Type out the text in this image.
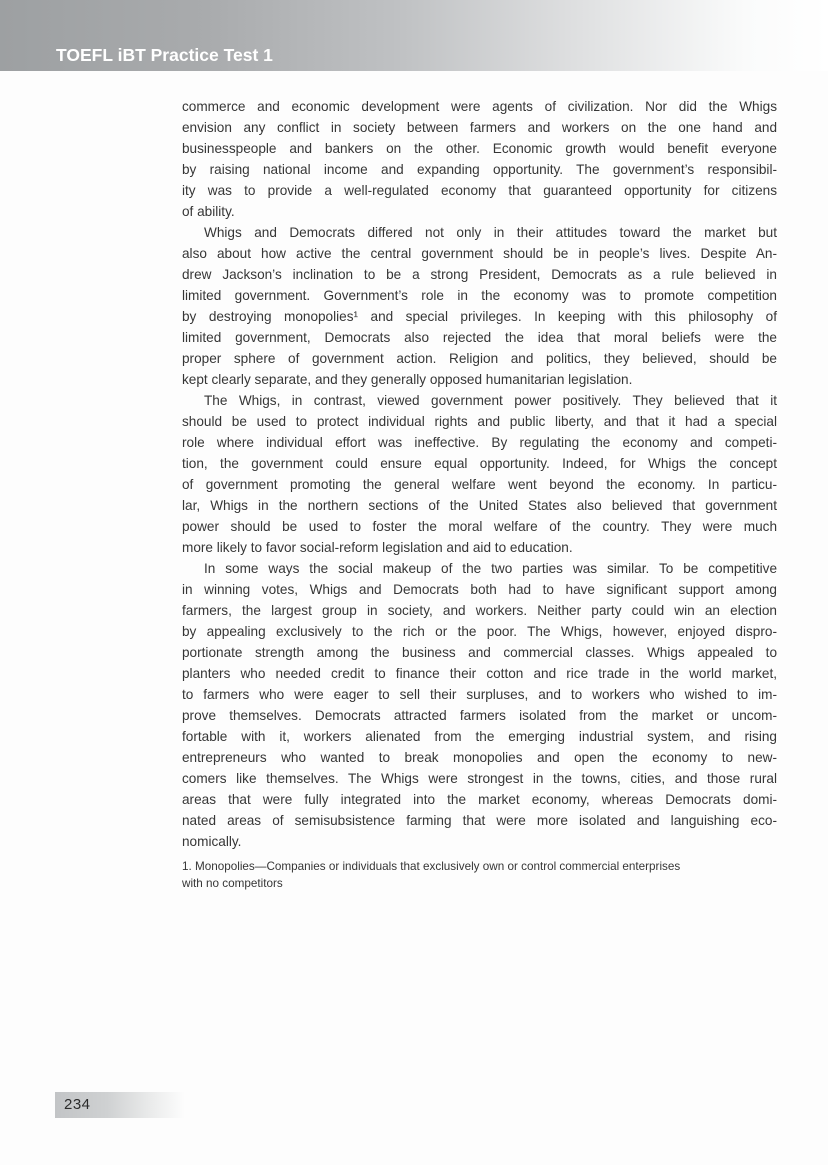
TOEFL iBT Practice Test 1
commerce and economic development were agents of civilization. Nor did the Whigs
envision any conflict in society between farmers and workers on the one hand and
businesspeople and bankers on the other. Economic growth would benefit everyone
by raising national income and expanding opportunity. The government’s responsibil-
ity was to provide a well-regulated economy that guaranteed opportunity for citizens
of ability.
Whigs and Democrats differed not only in their attitudes toward the market but
also about how active the central government should be in people’s lives. Despite An-
drew Jackson’s inclination to be a strong President, Democrats as a rule believed in
limited government. Government’s role in the economy was to promote competition
by destroying monopolies¹ and special privileges. In keeping with this philosophy of
limited government, Democrats also rejected the idea that moral beliefs were the
proper sphere of government action. Religion and politics, they believed, should be
kept clearly separate, and they generally opposed humanitarian legislation.
The Whigs, in contrast, viewed government power positively. They believed that it
should be used to protect individual rights and public liberty, and that it had a special
role where individual effort was ineffective. By regulating the economy and competi-
tion, the government could ensure equal opportunity. Indeed, for Whigs the concept
of government promoting the general welfare went beyond the economy. In particu-
lar, Whigs in the northern sections of the United States also believed that government
power should be used to foster the moral welfare of the country. They were much
more likely to favor social-reform legislation and aid to education.
In some ways the social makeup of the two parties was similar. To be competitive
in winning votes, Whigs and Democrats both had to have significant support among
farmers, the largest group in society, and workers. Neither party could win an election
by appealing exclusively to the rich or the poor. The Whigs, however, enjoyed dispro-
portionate strength among the business and commercial classes. Whigs appealed to
planters who needed credit to finance their cotton and rice trade in the world market,
to farmers who were eager to sell their surpluses, and to workers who wished to im-
prove themselves. Democrats attracted farmers isolated from the market or uncom-
fortable with it, workers alienated from the emerging industrial system, and rising
entrepreneurs who wanted to break monopolies and open the economy to new-
comers like themselves. The Whigs were strongest in the towns, cities, and those rural
areas that were fully integrated into the market economy, whereas Democrats domi-
nated areas of semisubsistence farming that were more isolated and languishing eco-
nomically.
1. Monopolies—Companies or individuals that exclusively own or control commercial enterprises
with no competitors
234
